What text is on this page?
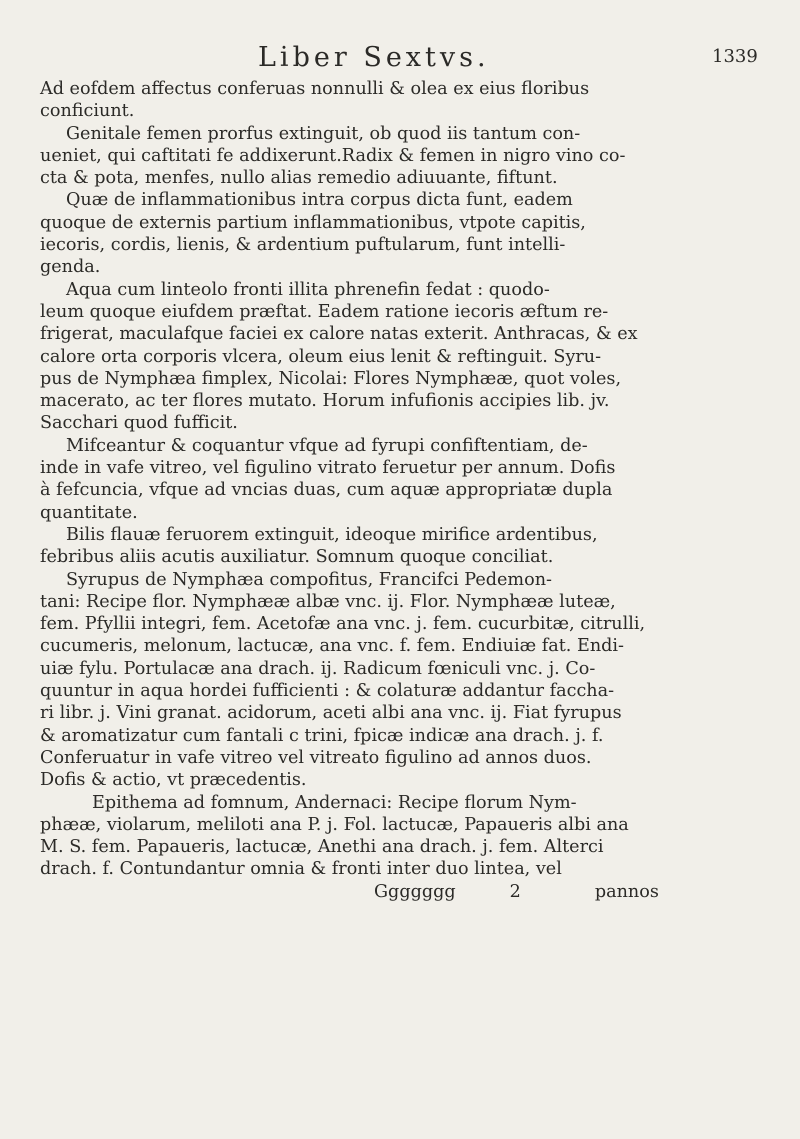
Liber Sextvs.	1339
Ad eofdem affectus conferuas nonnulli & olea ex eius floribus
conficiunt.
Genitale femen prorfus extinguit, ob quod iis tantum con-
ueniet, qui caftitati fe addixerunt.Radix & femen in nigro vino co-
cta & pota, menfes, nullo alias remedio adiuuante, fiftunt.
Quæ de inflammationibus intra corpus dicta funt, eadem
quoque de externis partium inflammationibus, vtpote capitis,
iecoris, cordis, lienis, & ardentium puftularum, funt intelli-
genda.
Aqua cum linteolo fronti illita phrenefin fedat : quodo-
leum quoque eiufdem præftat. Eadem ratione iecoris æftum re-
frigerat, maculafque faciei ex calore natas exterit. Anthracas, & ex
calore orta corporis vlcera, oleum eius lenit & reftinguit. Syru-
pus de Nymphæa fimplex, Nicolai: Flores Nymphææ, quot voles,
macerato, ac ter flores mutato. Horum infufionis accipies lib. jv.
Sacchari quod fufficit.
Mifceantur & coquantur vfque ad fyrupi confiftentiam, de-
inde in vafe vitreo, vel figulino vitrato feruetur per annum. Dofis
à fefcuncia, vfque ad vncias duas, cum aquæ appropriatæ dupla
quantitate.
Bilis flauæ feruorem extinguit, ideoque mirifice ardentibus,
febribus aliis acutis auxiliatur. Somnum quoque conciliat.
Syrupus de Nymphæa compofitus, Francifci Pedemon-
tani: Recipe flor. Nymphææ albæ vnc. ij. Flor. Nymphææ luteæ,
fem. Pfyllii integri, fem. Acetofæ ana vnc. j. fem. cucurbitæ, citrulli,
cucumeris, melonum, lactucæ, ana vnc. f. fem. Endiuiæ fat. Endi-
uiæ fylu. Portulacæ ana drach. ij. Radicum fœniculi vnc. j. Co-
quuntur in aqua hordei fufficienti : & colaturæ addantur faccha-
ri libr. j. Vini granat. acidorum, aceti albi ana vnc. ij. Fiat fyrupus
& aromatizatur cum fantali c trini, fpicæ indicæ ana drach. j. f.
Conferuatur in vafe vitreo vel vitreato figulino ad annos duos.
Dofis & actio, vt præcedentis.
Epithema ad fomnum, Andernaci: Recipe florum Nym-
phææ, violarum, meliloti ana P. j. Fol. lactucæ, Papaueris albi ana
M. S. fem. Papaueris, lactucæ, Anethi ana drach. j. fem. Alterci
drach. f. Contundantur omnia & fronti inter duo lintea, vel
Ggggggg	2	pannos
